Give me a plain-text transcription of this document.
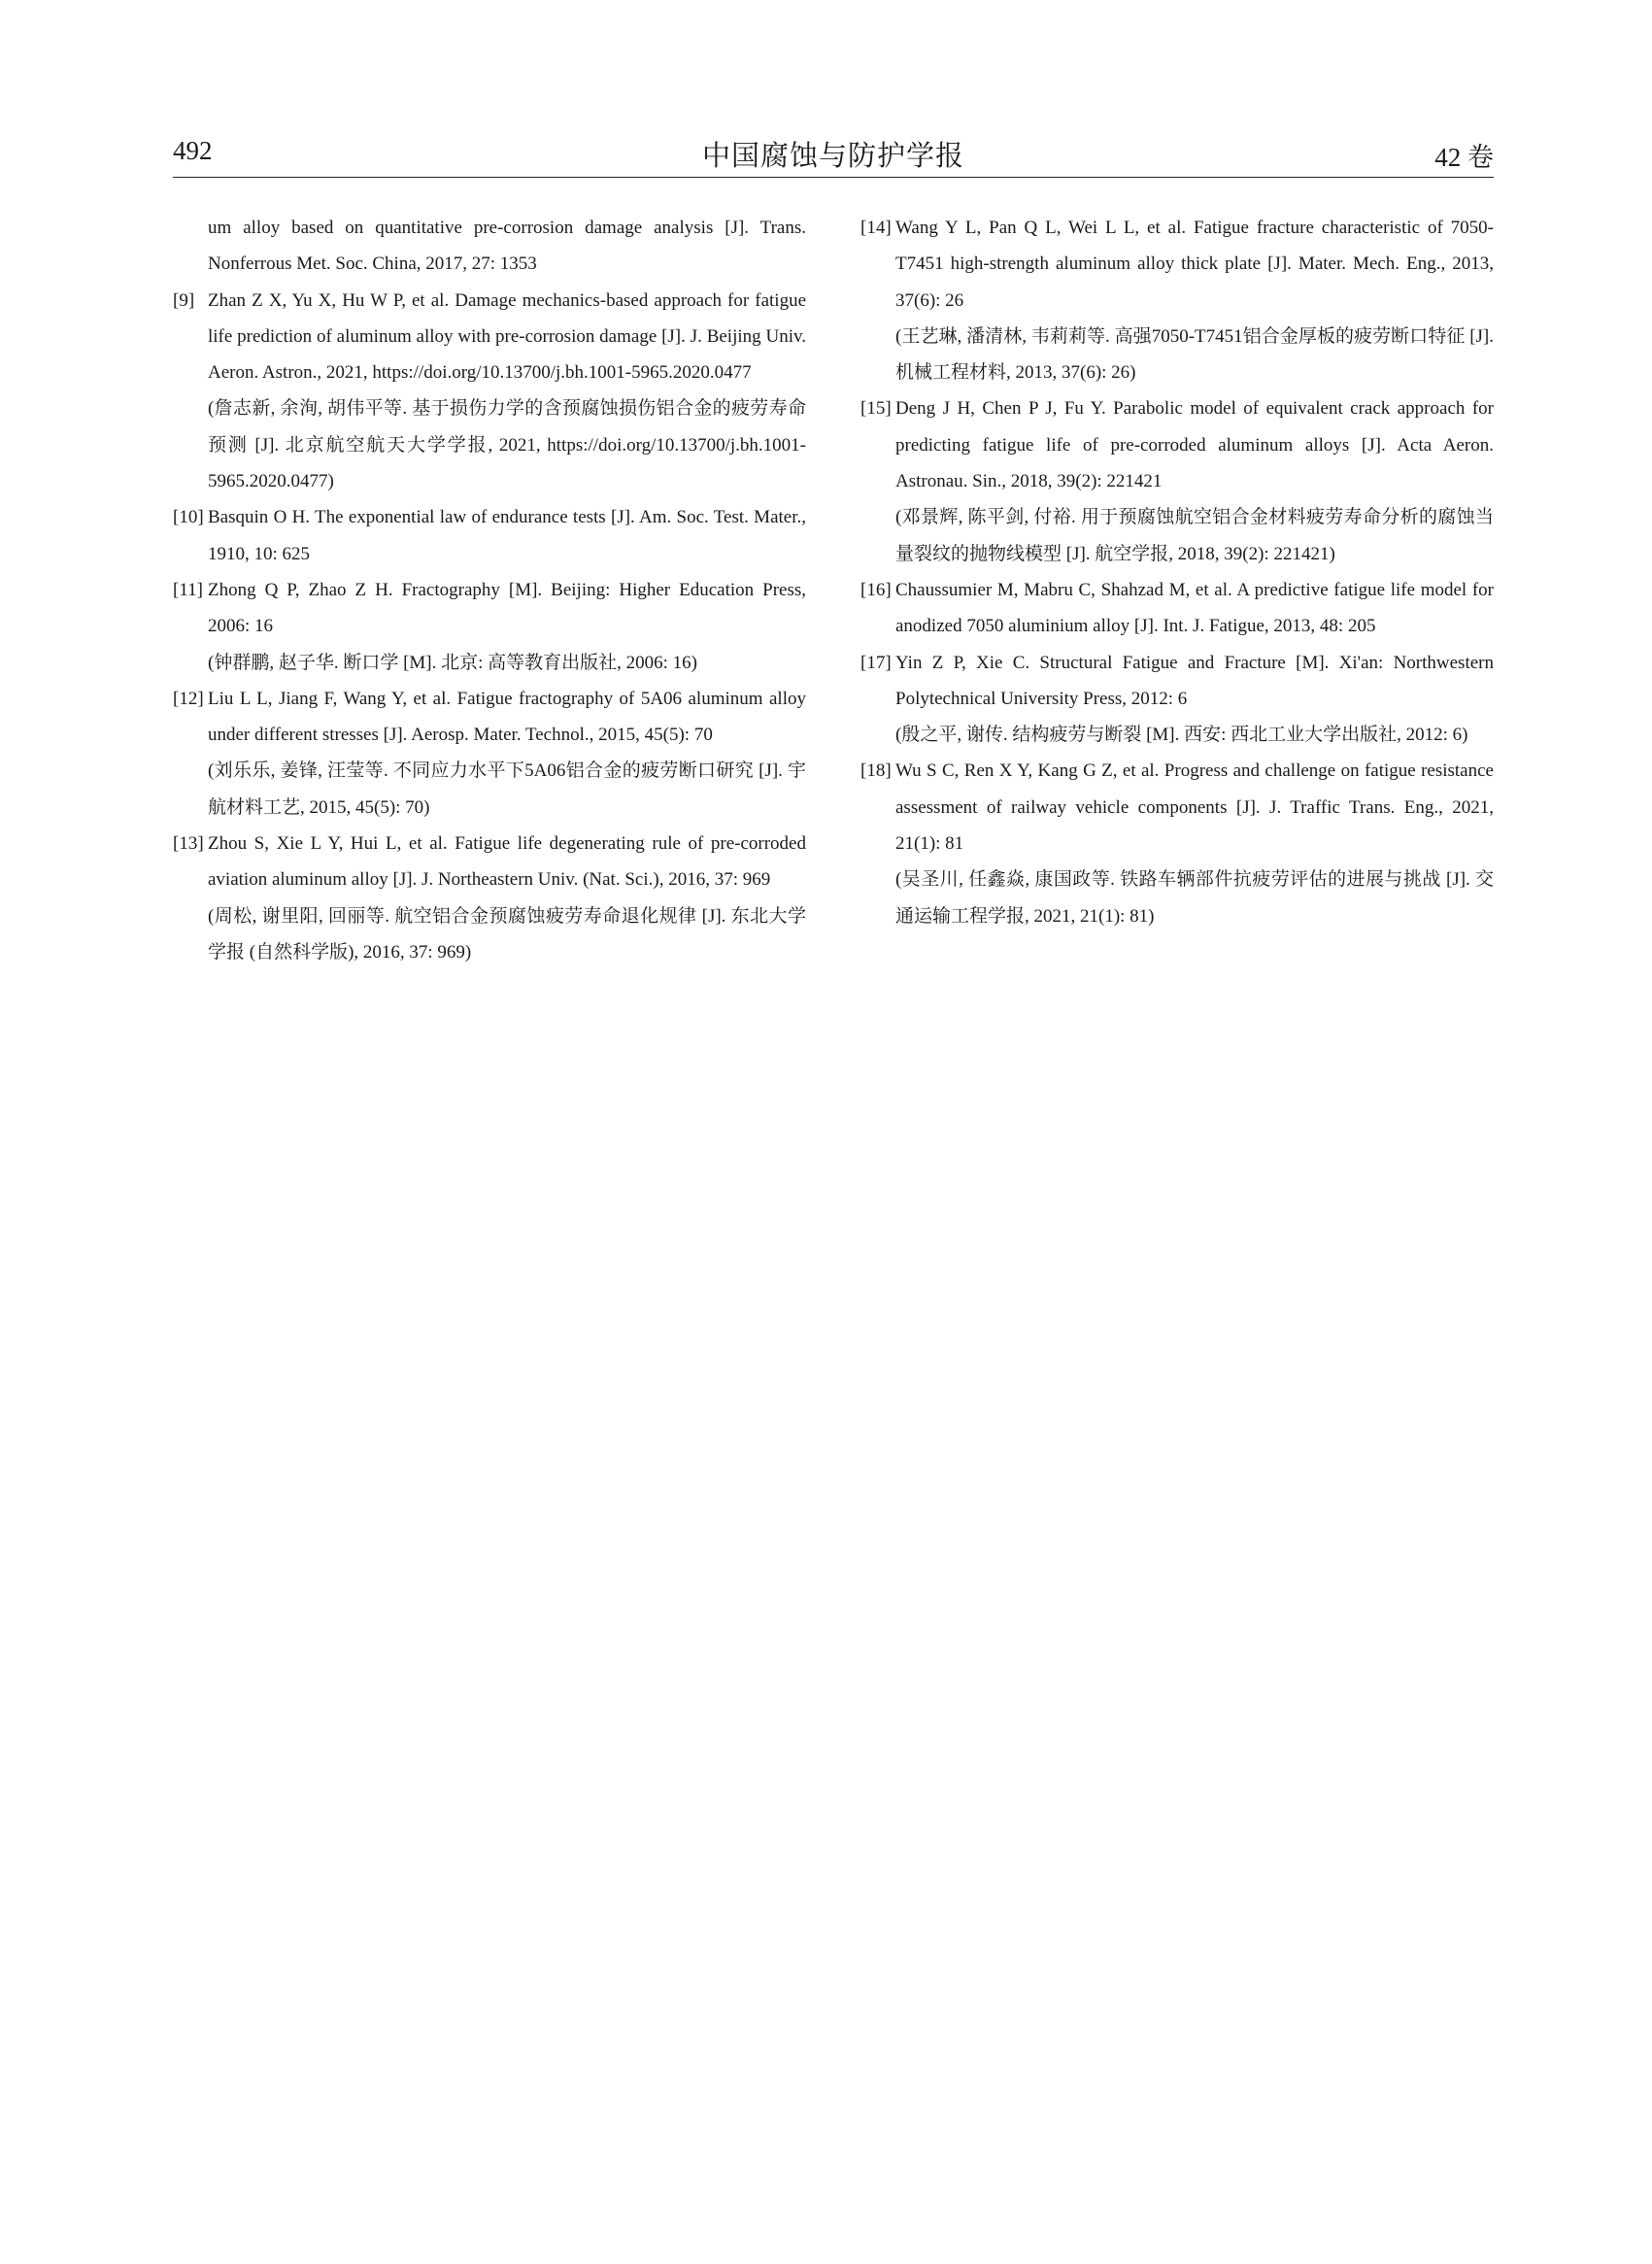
492	中国腐蚀与防护学报	42 卷
um alloy based on quantitative pre-corrosion damage analysis [J]. Trans. Nonferrous Met. Soc. China, 2017, 27: 1353
[9] Zhan Z X, Yu X, Hu W P, et al. Damage mechanics-based approach for fatigue life prediction of aluminum alloy with pre-corrosion damage [J]. J. Beijing Univ. Aeron. Astron., 2021, https://doi.org/10.13700/j.bh.1001-5965.2020.0477
(詹志新, 余洵, 胡伟平等. 基于损伤力学的含预腐蚀损伤铝合金的疲劳寿命预测 [J]. 北京航空航天大学学报, 2021, https://doi.org/10.13700/j.bh.1001-5965.2020.0477)
[10] Basquin O H. The exponential law of endurance tests [J]. Am. Soc. Test. Mater., 1910, 10: 625
[11] Zhong Q P, Zhao Z H. Fractography [M]. Beijing: Higher Education Press, 2006: 16
(钟群鹏, 赵子华. 断口学 [M]. 北京: 高等教育出版社, 2006: 16)
[12] Liu L L, Jiang F, Wang Y, et al. Fatigue fractography of 5A06 aluminum alloy under different stresses [J]. Aerosp. Mater. Technol., 2015, 45(5): 70
(刘乐乐, 姜锋, 汪莹等. 不同应力水平下5A06铝合金的疲劳断口研究 [J]. 宇航材料工艺, 2015, 45(5): 70)
[13] Zhou S, Xie L Y, Hui L, et al. Fatigue life degenerating rule of pre-corroded aviation aluminum alloy [J]. J. Northeastern Univ. (Nat. Sci.), 2016, 37: 969
(周松, 谢里阳, 回丽等. 航空铝合金预腐蚀疲劳寿命退化规律 [J]. 东北大学学报 (自然科学版), 2016, 37: 969)
[14] Wang Y L, Pan Q L, Wei L L, et al. Fatigue fracture characteristic of 7050-T7451 high-strength aluminum alloy thick plate [J]. Mater. Mech. Eng., 2013, 37(6): 26
(王艺琳, 潘清林, 韦莉莉等. 高强7050-T7451铝合金厚板的疲劳断口特征 [J]. 机械工程材料, 2013, 37(6): 26)
[15] Deng J H, Chen P J, Fu Y. Parabolic model of equivalent crack approach for predicting fatigue life of pre-corroded aluminum alloys [J]. Acta Aeron. Astronau. Sin., 2018, 39(2): 221421
(邓景辉, 陈平剑, 付裕. 用于预腐蚀航空铝合金材料疲劳寿命分析的腐蚀当量裂纹的抛物线模型 [J]. 航空学报, 2018, 39(2): 221421)
[16] Chaussumier M, Mabru C, Shahzad M, et al. A predictive fatigue life model for anodized 7050 aluminium alloy [J]. Int. J. Fatigue, 2013, 48: 205
[17] Yin Z P, Xie C. Structural Fatigue and Fracture [M]. Xi'an: Northwestern Polytechnical University Press, 2012: 6
(殷之平, 谢传. 结构疲劳与断裂 [M]. 西安: 西北工业大学出版社, 2012: 6)
[18] Wu S C, Ren X Y, Kang G Z, et al. Progress and challenge on fatigue resistance assessment of railway vehicle components [J]. J. Traffic Trans. Eng., 2021, 21(1): 81
(吴圣川, 任鑫焱, 康国政等. 铁路车辆部件抗疲劳评估的进展与挑战 [J]. 交通运输工程学报, 2021, 21(1): 81)
